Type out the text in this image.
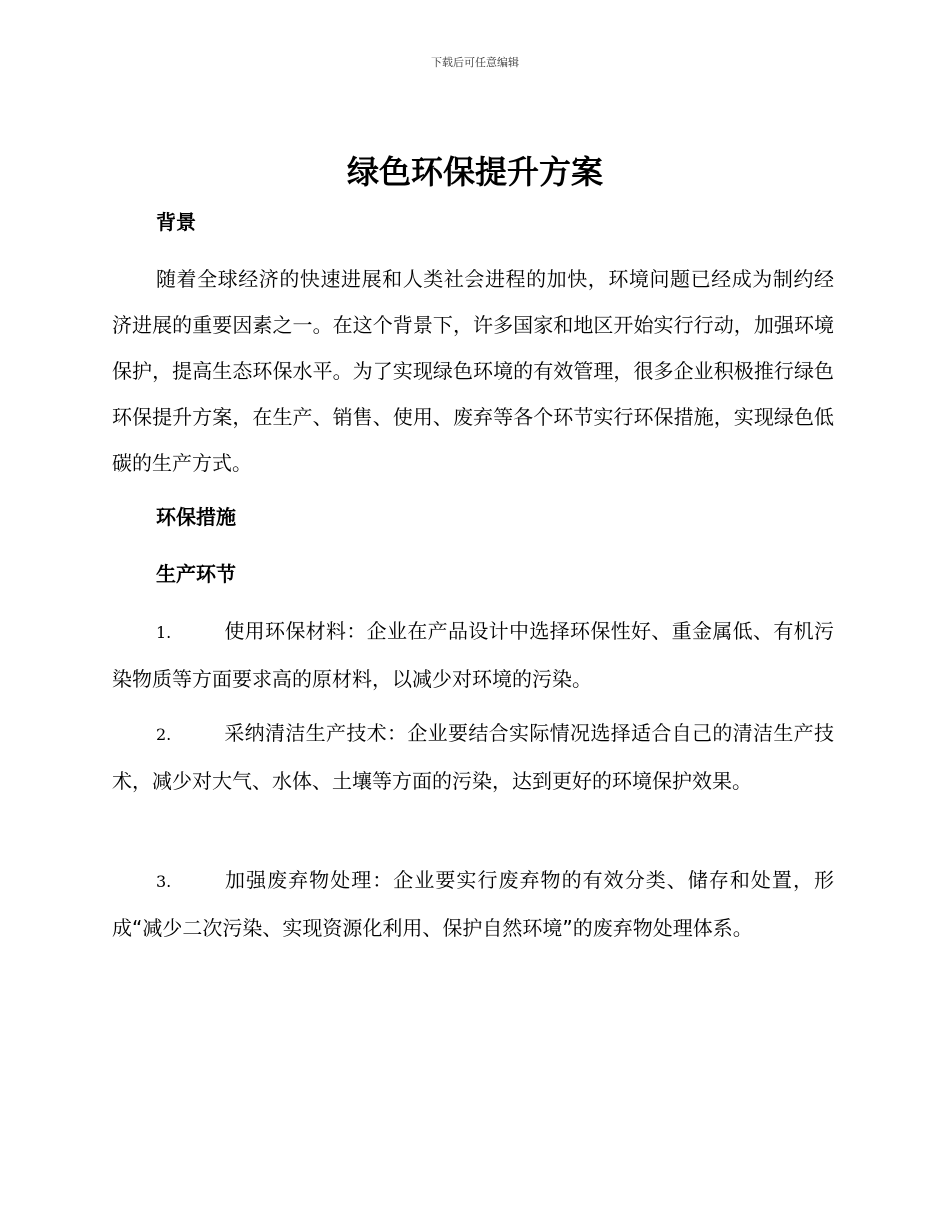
下载后可任意编辑
绿色环保提升方案
背景
随着全球经济的快速进展和人类社会进程的加快，环境问题已经成为制约经济进展的重要因素之一。在这个背景下，许多国家和地区开始实行行动，加强环境保护，提高生态环保水平。为了实现绿色环境的有效管理，很多企业积极推行绿色环保提升方案，在生产、销售、使用、废弃等各个环节实行环保措施，实现绿色低碳的生产方式。
环保措施
生产环节
1.	使用环保材料：企业在产品设计中选择环保性好、重金属低、有机污染物质等方面要求高的原材料，以减少对环境的污染。
2.	采纳清洁生产技术：企业要结合实际情况选择适合自己的清洁生产技术，减少对大气、水体、土壤等方面的污染，达到更好的环境保护效果。
3.	加强废弃物处理：企业要实行废弃物的有效分类、储存和处置，形成“减少二次污染、实现资源化利用、保护自然环境”的废弃物处理体系。
